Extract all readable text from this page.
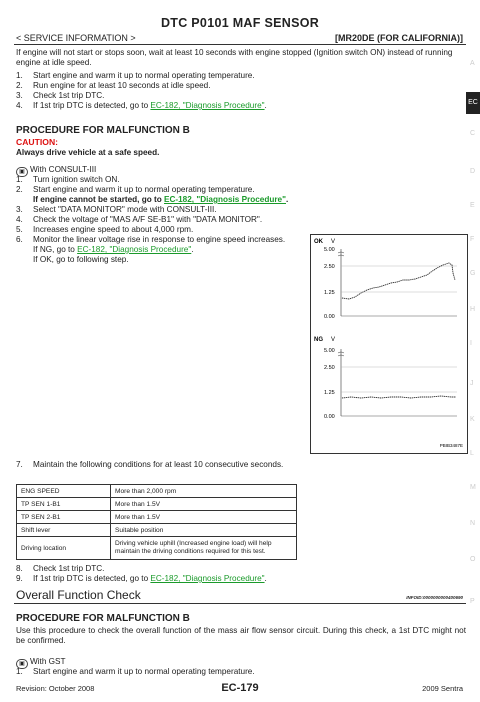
DTC P0101 MAF SENSOR
< SERVICE INFORMATION >	[MR20DE (FOR CALIFORNIA)]
EC
A
C
D
E
F
G
H
I
J
K
L
M
N
O
P
If engine will not start or stops soon, wait at least 10 seconds with engine stopped (Ignition switch ON) instead of running engine at idle speed.
1. Start engine and warm it up to normal operating temperature.
2. Run engine for at least 10 seconds at idle speed.
3. Check 1st trip DTC.
4. If 1st trip DTC is detected, go to EC-182, "Diagnosis Procedure".
PROCEDURE FOR MALFUNCTION B
CAUTION:
Always drive vehicle at a safe speed.
▣ With CONSULT-III
1. Turn ignition switch ON.
2. Start engine and warm it up to normal operating temperature.
If engine cannot be started, go to EC-182, "Diagnosis Procedure".
3. Select "DATA MONITOR" mode with CONSULT-III.
4. Check the voltage of "MAS A/F SE-B1" with "DATA MONITOR".
5. Increases engine speed to about 4,000 rpm.
6.	Monitor the linear voltage rise in response to engine speed increases.
If NG, go to EC-182, "Diagnosis Procedure".
If OK, go to following step.
OK V
5.00
2.50
1.25
0.00
NG V
5.00
2.50
1.25
0.00
PBIB3487E
7. Maintain the following conditions for at least 10 consecutive seconds.
ENG SPEED	More than 2,000 rpm
TP SEN 1-B1	More than 1.5V
TP SEN 2-B1	More than 1.5V
Shift lever	Suitable position
Driving location	Driving vehicle uphill (Increased engine load) will help maintain the driving conditions required for this test.
8. Check 1st trip DTC.
9. If 1st trip DTC is detected, go to EC-182, "Diagnosis Procedure".
Overall Function Check	INFOID:0000000000400690
PROCEDURE FOR MALFUNCTION B
Use this procedure to check the overall function of the mass air flow sensor circuit. During this check, a 1st DTC might not be confirmed.
▣ With GST
1. Start engine and warm it up to normal operating temperature.
Revision: October 2008	EC-179	2009 Sentra
